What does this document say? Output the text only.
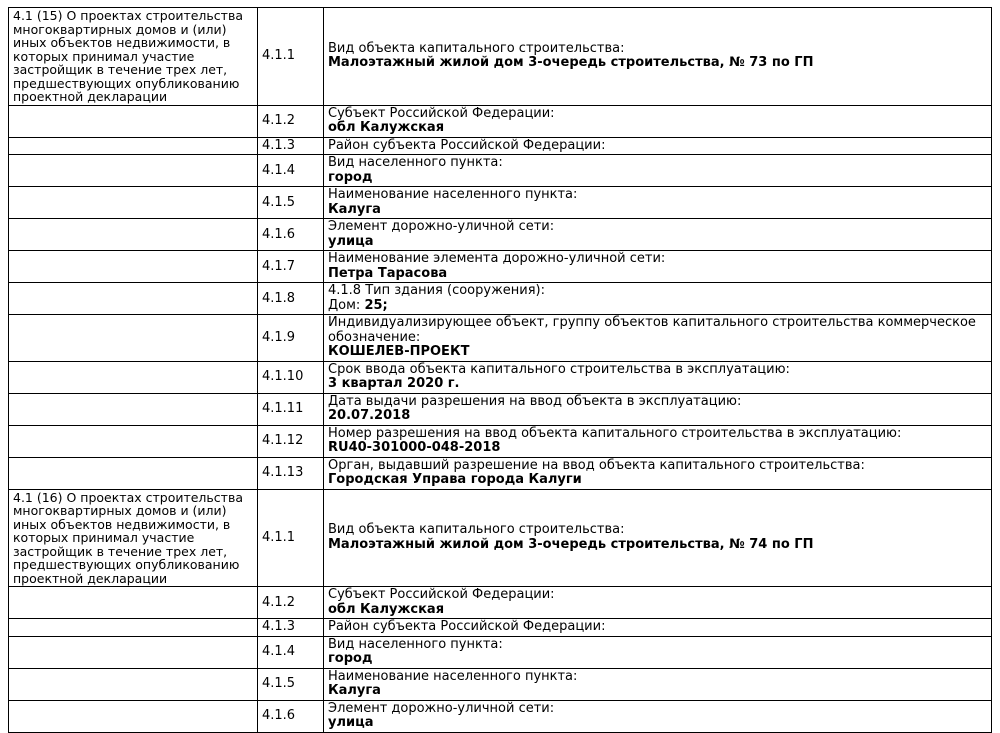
4.1 (15) О проектах строительства многоквартирных домов и (или) иных объектов недвижимости, в которых принимал участие застройщик в течение трех лет, предшествующих опубликованию проектной декларации	4.1.1	Вид объекта капитального строительства:
Малоэтажный жилой дом 3-очередь строительства, № 73 по ГП

	4.1.2	Субъект Российской Федерации:
обл Калужская

	4.1.3	Район субъекта Российской Федерации:

	4.1.4	Вид населенного пункта:
город

	4.1.5	Наименование населенного пункта:
Калуга

	4.1.6	Элемент дорожно-уличной сети:
улица

	4.1.7	Наименование элемента дорожно-уличной сети:
Петра Тарасова

	4.1.8	4.1.8 Тип здания (сооружения):
Дом: 25;

	4.1.9	Индивидуализирующее объект, группу объектов капитального строительства коммерческое обозначение:
КОШЕЛЕВ-ПРОЕКТ

	4.1.10	Срок ввода объекта капитального строительства в эксплуатацию:
3 квартал 2020 г.

	4.1.11	Дата выдачи разрешения на ввод объекта в эксплуатацию:
20.07.2018

	4.1.12	Номер разрешения на ввод объекта капитального строительства в эксплуатацию:
RU40-301000-048-2018

	4.1.13	Орган, выдавший разрешение на ввод объекта капитального строительства:
Городская Управа города Калуги

4.1 (16) О проектах строительства многоквартирных домов и (или) иных объектов недвижимости, в которых принимал участие застройщик в течение трех лет, предшествующих опубликованию проектной декларации	4.1.1	Вид объекта капитального строительства:
Малоэтажный жилой дом 3-очередь строительства, № 74 по ГП

	4.1.2	Субъект Российской Федерации:
обл Калужская

	4.1.3	Район субъекта Российской Федерации:

	4.1.4	Вид населенного пункта:
город

	4.1.5	Наименование населенного пункта:
Калуга

	4.1.6	Элемент дорожно-уличной сети:
улица
